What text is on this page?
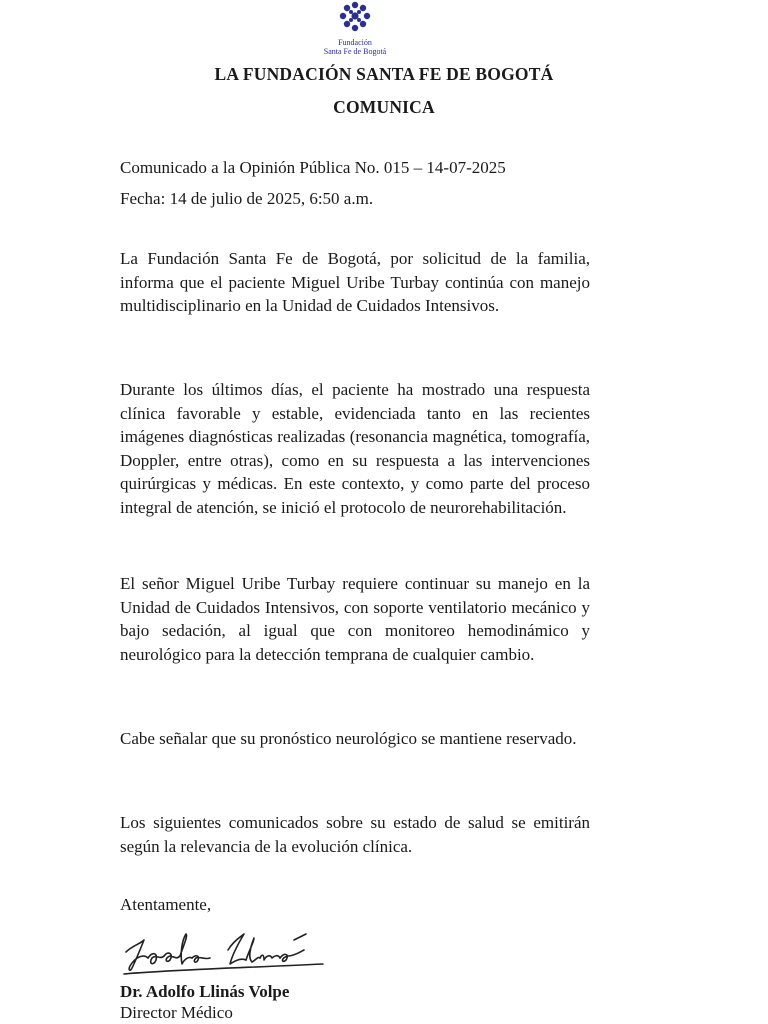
Fundación
Santa Fe de Bogotá
LA FUNDACIÓN SANTA FE DE BOGOTÁ
COMUNICA
Comunicado a la Opinión Pública No. 015 – 14-07-2025
Fecha: 14 de julio de 2025, 6:50 a.m.

La Fundación Santa Fe de Bogotá, por solicitud de la familia, informa que el paciente Miguel Uribe Turbay continúa con manejo multidisciplinario en la Unidad de Cuidados Intensivos.

Durante los últimos días, el paciente ha mostrado una respuesta clínica favorable y estable, evidenciada tanto en las recientes imágenes diagnósticas realizadas (resonancia magnética, tomografía, Doppler, entre otras), como en su respuesta a las intervenciones quirúrgicas y médicas. En este contexto, y como parte del proceso integral de atención, se inició el protocolo de neurorehabilitación.

El señor Miguel Uribe Turbay requiere continuar su manejo en la Unidad de Cuidados Intensivos, con soporte ventilatorio mecánico y bajo sedación, al igual que con monitoreo hemodinámico y neurológico para la detección temprana de cualquier cambio.

Cabe señalar que su pronóstico neurológico se mantiene reservado.

Los siguientes comunicados sobre su estado de salud se emitirán según la relevancia de la evolución clínica.

Atentamente,
Dr. Adolfo Llinás Volpe
Director Médico
